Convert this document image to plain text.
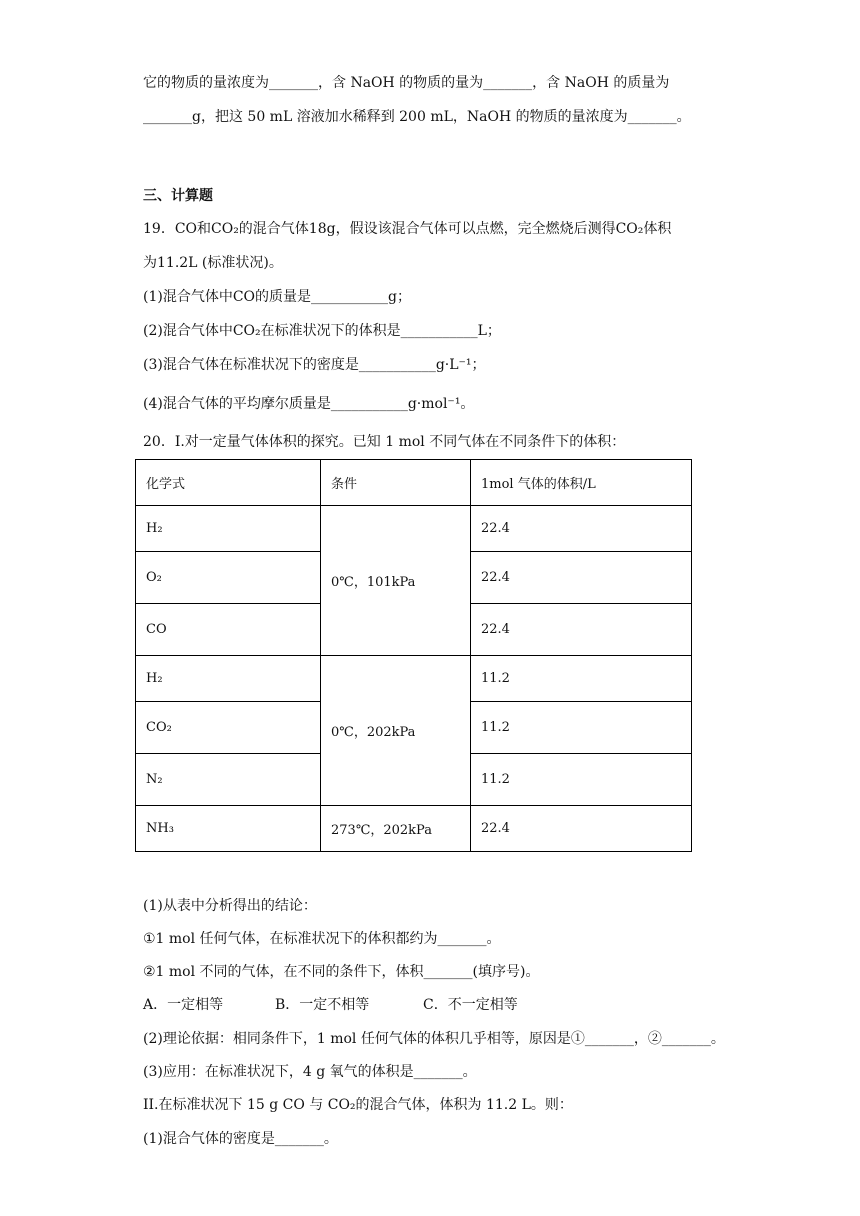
它的物质的量浓度为_______，含 NaOH 的物质的量为_______，含 NaOH 的质量为
_______g，把这 50 mL 溶液加水稀释到 200 mL，NaOH 的物质的量浓度为_______。
三、计算题
19．CO和CO₂的混合气体18g，假设该混合气体可以点燃，完全燃烧后测得CO₂体积
为11.2L (标准状况)。
(1)混合气体中CO的质量是___________g；
(2)混合气体中CO₂在标准状况下的体积是___________L；
(3)混合气体在标准状况下的密度是___________g·L⁻¹；
(4)混合气体的平均摩尔质量是___________g·mol⁻¹。
20．I.对一定量气体体积的探究。已知 1 mol 不同气体在不同条件下的体积：
化学式	条件	1mol 气体的体积/L
H₂	0℃，101kPa	22.4
O₂		22.4
CO		22.4
H₂	0℃，202kPa	11.2
CO₂		11.2
N₂		11.2
NH₃	273℃，202kPa	22.4
(1)从表中分析得出的结论：
①1 mol 任何气体，在标准状况下的体积都约为_______。
②1 mol 不同的气体，在不同的条件下，体积_______(填序号)。
A．一定相等	B．一定不相等	C．不一定相等
(2)理论依据：相同条件下，1 mol 任何气体的体积几乎相等，原因是①_______，②_______。
(3)应用：在标准状况下，4 g 氧气的体积是_______。
II.在标准状况下 15 g CO 与 CO₂的混合气体，体积为 11.2 L。则：
(1)混合气体的密度是_______。
